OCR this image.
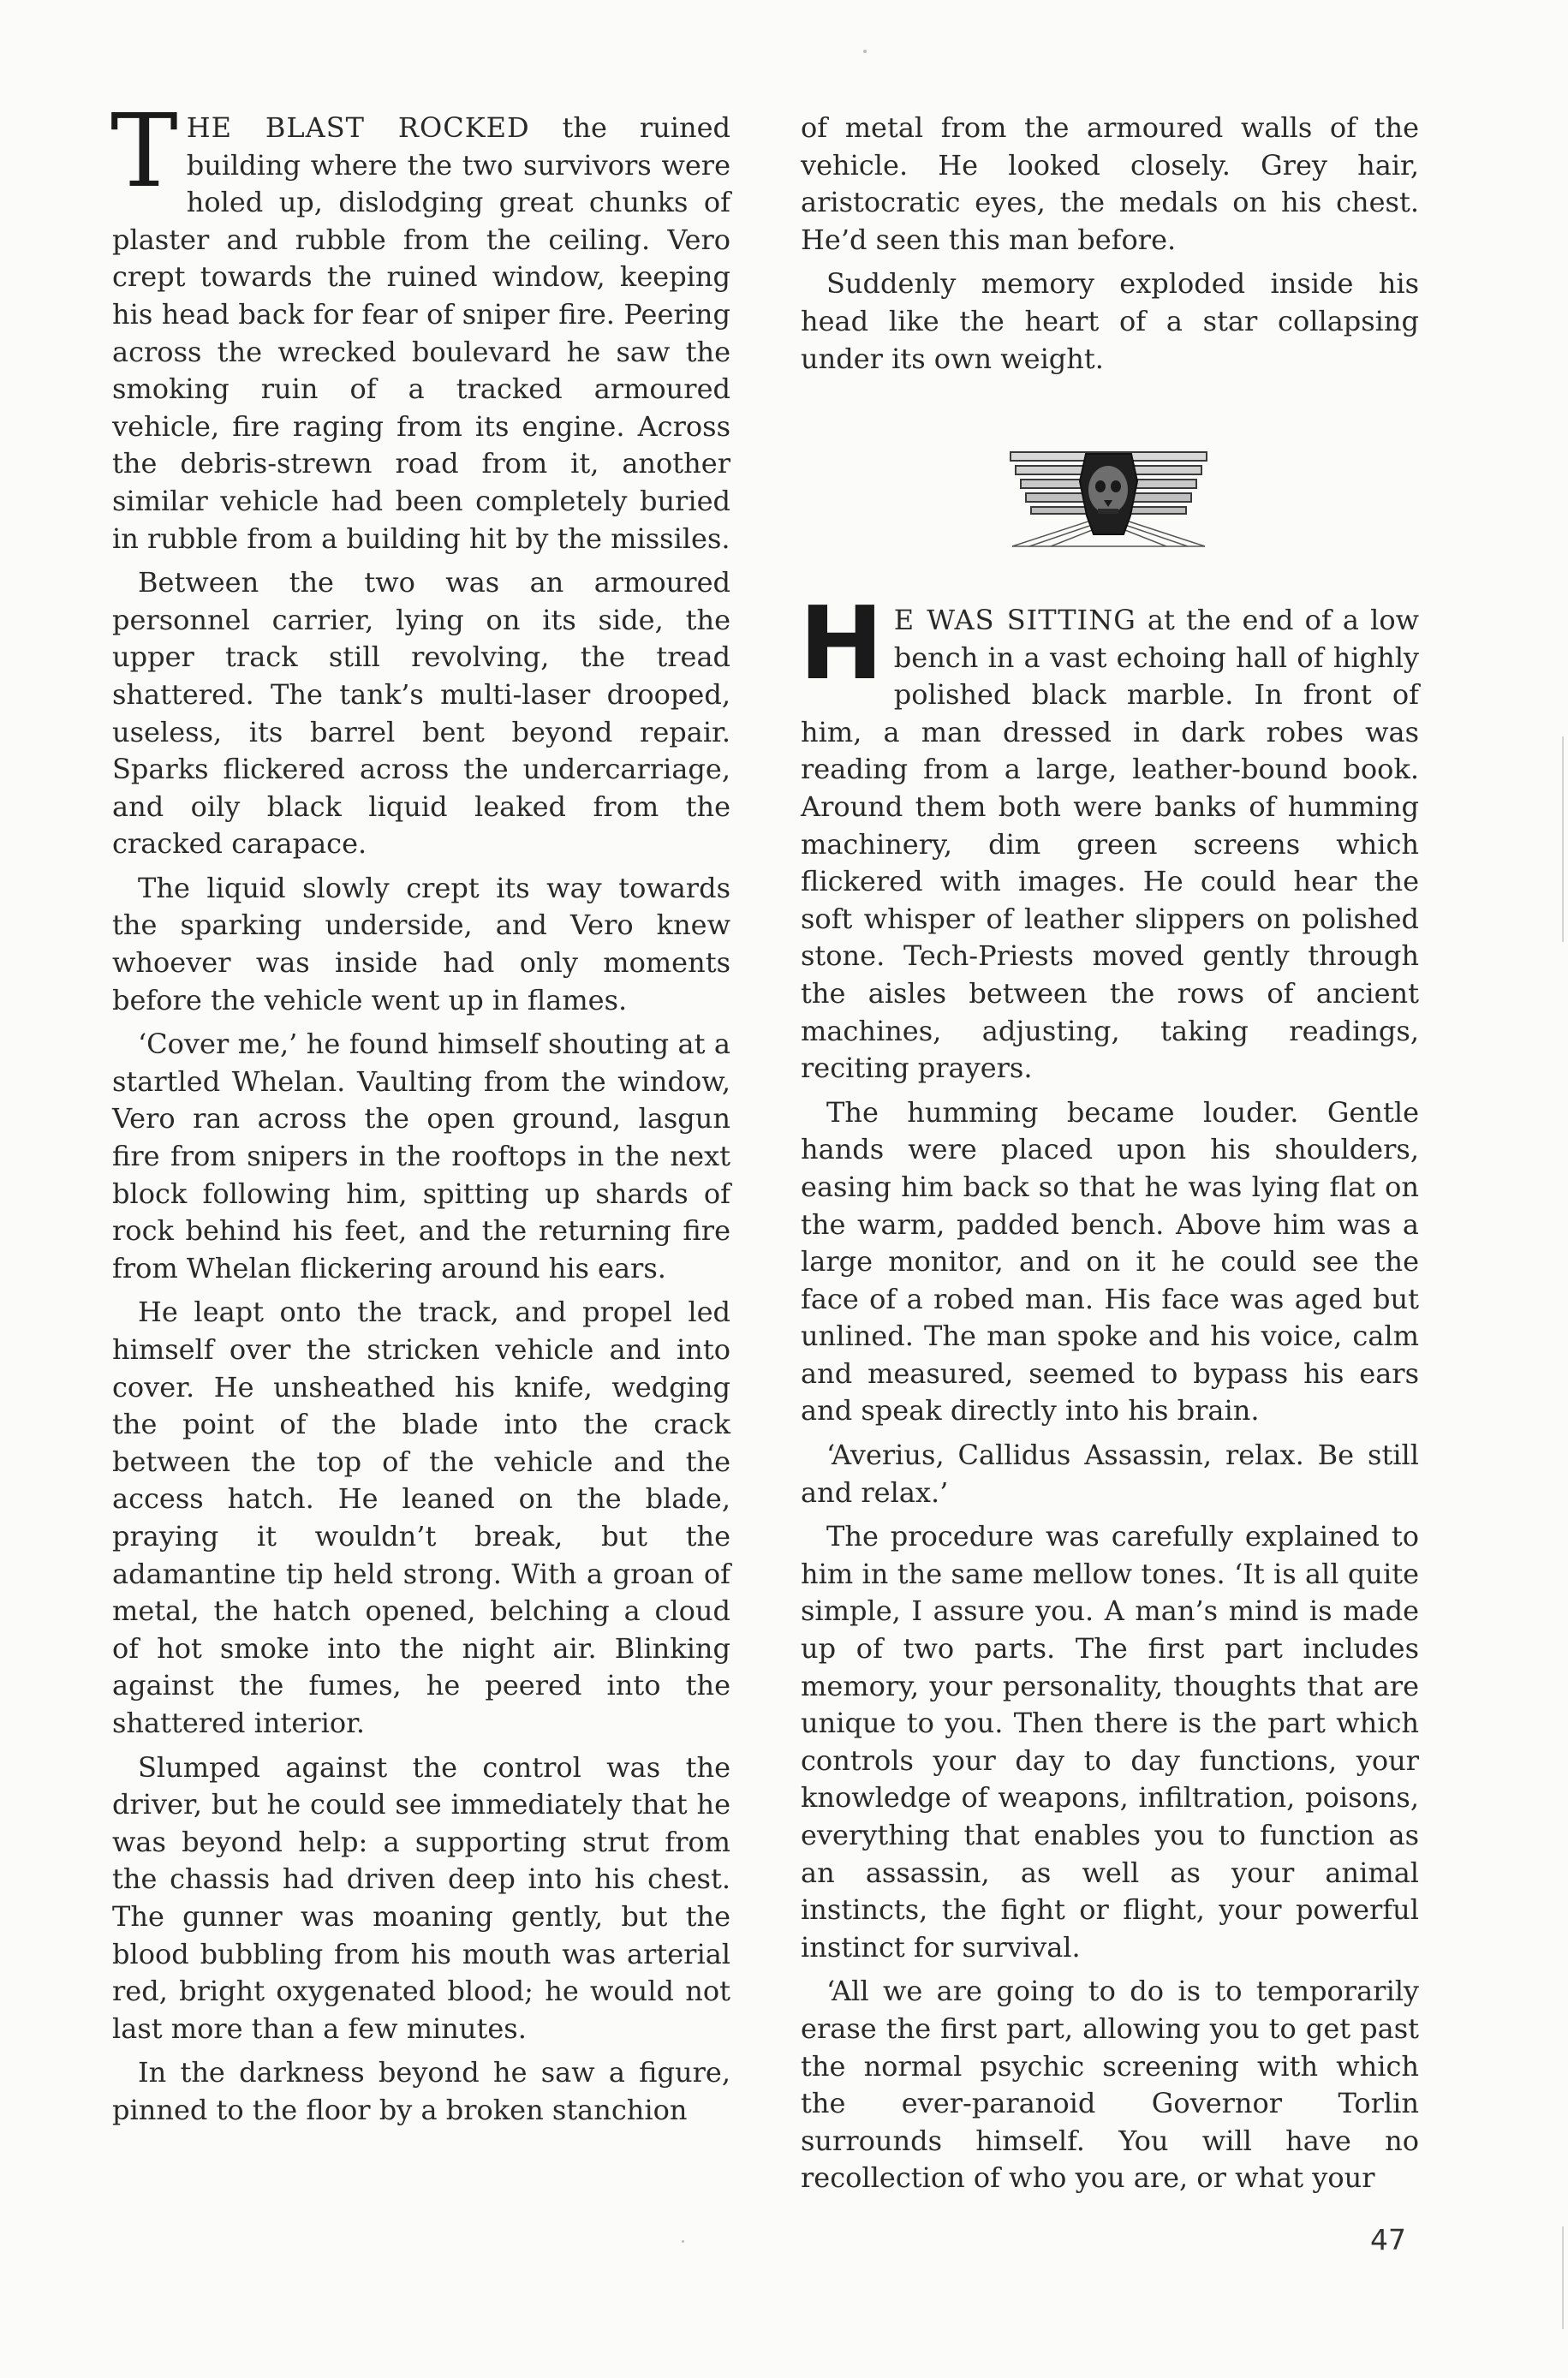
THE BLAST ROCKED the ruined building where the two survivors were holed up, dislodging great chunks of plaster and rubble from the ceiling. Vero crept towards the ruined window, keeping his head back for fear of sniper fire. Peering across the wrecked boulevard he saw the smoking ruin of a tracked armoured vehicle, fire raging from its engine. Across the debris-strewn road from it, another similar vehicle had been completely buried in rubble from a building hit by the missiles.

Between the two was an armoured personnel carrier, lying on its side, the upper track still revolving, the tread shattered. The tank’s multi-laser drooped, useless, its barrel bent beyond repair. Sparks flickered across the undercarriage, and oily black liquid leaked from the cracked carapace.

The liquid slowly crept its way towards the sparking underside, and Vero knew whoever was inside had only moments before the vehicle went up in flames.

‘Cover me,’ he found himself shouting at a startled Whelan. Vaulting from the window, Vero ran across the open ground, lasgun fire from snipers in the rooftops in the next block following him, spitting up shards of rock behind his feet, and the returning fire from Whelan flickering around his ears.

He leapt onto the track, and propel led himself over the stricken vehicle and into cover. He unsheathed his knife, wedging the point of the blade into the crack between the top of the vehicle and the access hatch. He leaned on the blade, praying it wouldn’t break, but the adamantine tip held strong. With a groan of metal, the hatch opened, belching a cloud of hot smoke into the night air. Blinking against the fumes, he peered into the shattered interior.

Slumped against the control was the driver, but he could see immediately that he was beyond help: a supporting strut from the chassis had driven deep into his chest. The gunner was moaning gently, but the blood bubbling from his mouth was arterial red, bright oxygenated blood; he would not last more than a few minutes.

In the darkness beyond he saw a figure, pinned to the floor by a broken stanchion

of metal from the armoured walls of the vehicle. He looked closely. Grey hair, aristocratic eyes, the medals on his chest. He’d seen this man before.

Suddenly memory exploded inside his head like the heart of a star collapsing under its own weight.

H E WAS SITTING at the end of a low bench in a vast echoing hall of highly polished black marble. In front of him, a man dressed in dark robes was reading from a large, leather-bound book. Around them both were banks of humming machinery, dim green screens which flickered with images. He could hear the soft whisper of leather slippers on polished stone. Tech-Priests moved gently through the aisles between the rows of ancient machines, adjusting, taking readings, reciting prayers.

The humming became louder. Gentle hands were placed upon his shoulders, easing him back so that he was lying flat on the warm, padded bench. Above him was a large monitor, and on it he could see the face of a robed man. His face was aged but unlined. The man spoke and his voice, calm and measured, seemed to bypass his ears and speak directly into his brain.

‘Averius, Callidus Assassin, relax. Be still and relax.’

The procedure was carefully explained to him in the same mellow tones. ‘It is all quite simple, I assure you. A man’s mind is made up of two parts. The first part includes memory, your personality, thoughts that are unique to you. Then there is the part which controls your day to day functions, your knowledge of weapons, infiltration, poisons, everything that enables you to function as an assassin, as well as your animal instincts, the fight or flight, your powerful instinct for survival.

‘All we are going to do is to temporarily erase the first part, allowing you to get past the normal psychic screening with which the ever-paranoid Governor Torlin surrounds himself. You will have no recollection of who you are, or what your

47
